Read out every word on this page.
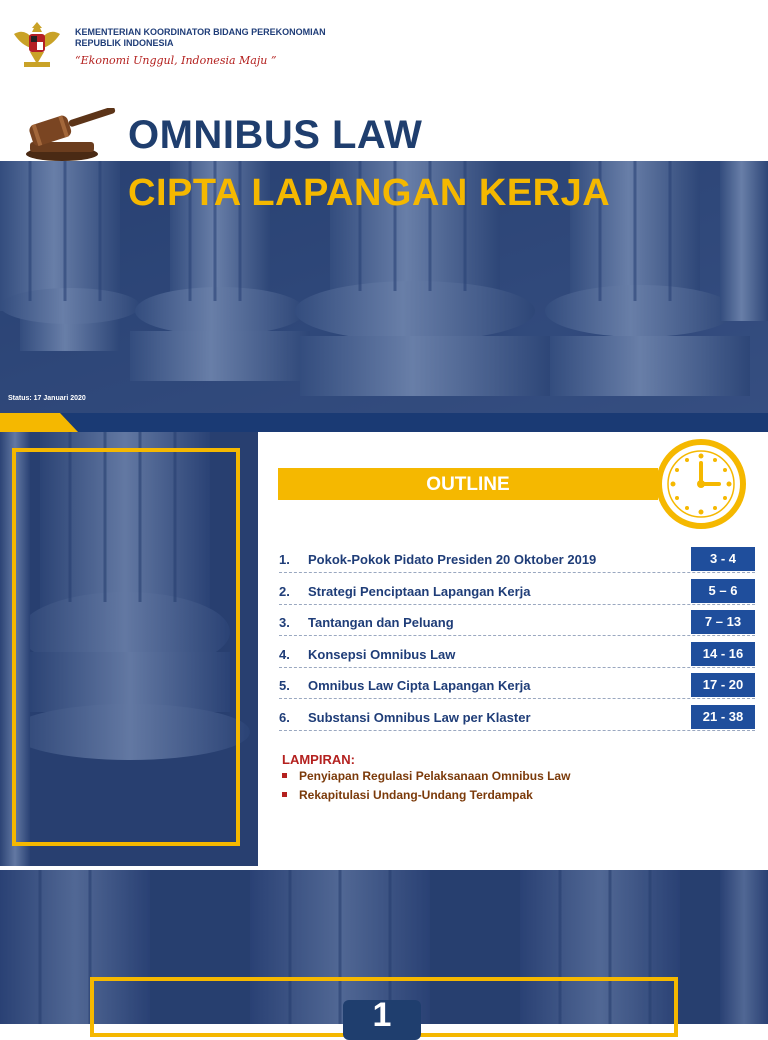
KEMENTERIAN KOORDINATOR BIDANG PEREKONOMIAN
REPUBLIK INDONESIA
“Ekonomi Unggul, Indonesia Maju ”
OMNIBUS LAW
CIPTA LAPANGAN KERJA
Status: 17 Januari 2020
OUTLINE
1. Pokok-Pokok Pidato Presiden 20 Oktober 2019	3 - 4
2. Strategi Penciptaan Lapangan Kerja	5 – 6
3. Tantangan dan Peluang	7 – 13
4. Konsepsi Omnibus Law	14 - 16
5. Omnibus Law Cipta Lapangan Kerja	17 - 20
6. Substansi Omnibus Law per Klaster	21 - 38
LAMPIRAN:
Penyiapan Regulasi Pelaksanaan Omnibus Law
Rekapitulasi Undang-Undang Terdampak
1
